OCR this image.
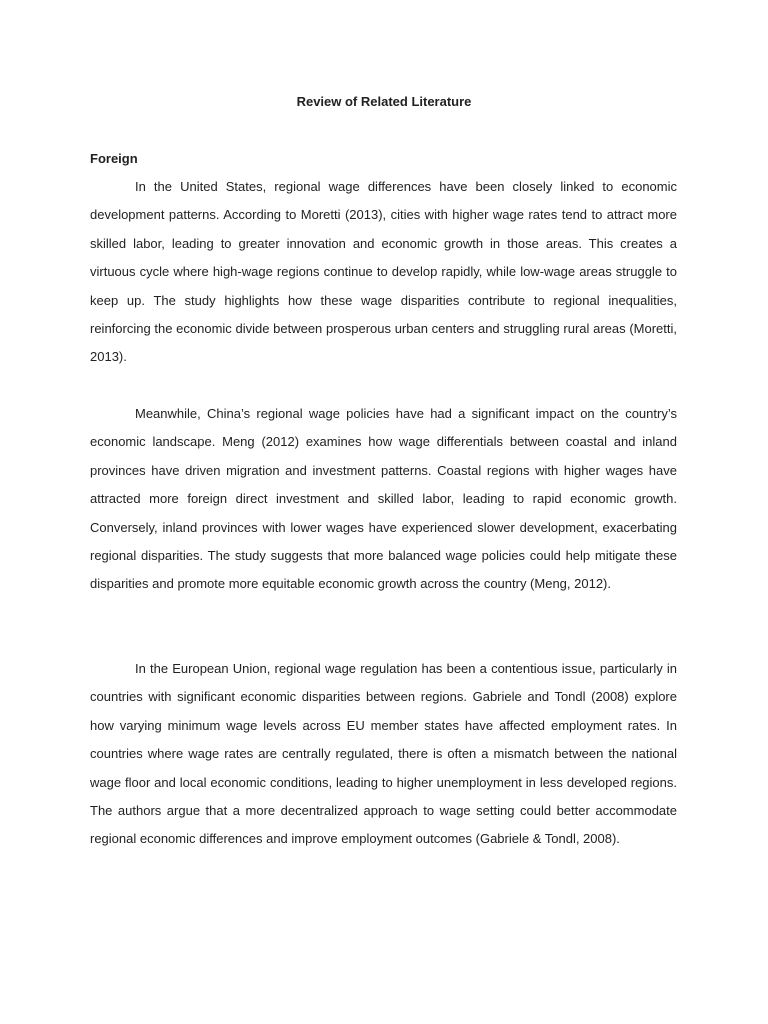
Review of Related Literature
Foreign

In the United States, regional wage differences have been closely linked to economic development patterns. According to Moretti (2013), cities with higher wage rates tend to attract more skilled labor, leading to greater innovation and economic growth in those areas. This creates a virtuous cycle where high-wage regions continue to develop rapidly, while low-wage areas struggle to keep up. The study highlights how these wage disparities contribute to regional inequalities, reinforcing the economic divide between prosperous urban centers and struggling rural areas (Moretti, 2013).

Meanwhile, China’s regional wage policies have had a significant impact on the country’s economic landscape. Meng (2012) examines how wage differentials between coastal and inland provinces have driven migration and investment patterns. Coastal regions with higher wages have attracted more foreign direct investment and skilled labor, leading to rapid economic growth. Conversely, inland provinces with lower wages have experienced slower development, exacerbating regional disparities. The study suggests that more balanced wage policies could help mitigate these disparities and promote more equitable economic growth across the country (Meng, 2012).

In the European Union, regional wage regulation has been a contentious issue, particularly in countries with significant economic disparities between regions. Gabriele and Tondl (2008) explore how varying minimum wage levels across EU member states have affected employment rates. In countries where wage rates are centrally regulated, there is often a mismatch between the national wage floor and local economic conditions, leading to higher unemployment in less developed regions. The authors argue that a more decentralized approach to wage setting could better accommodate regional economic differences and improve employment outcomes (Gabriele & Tondl, 2008).
